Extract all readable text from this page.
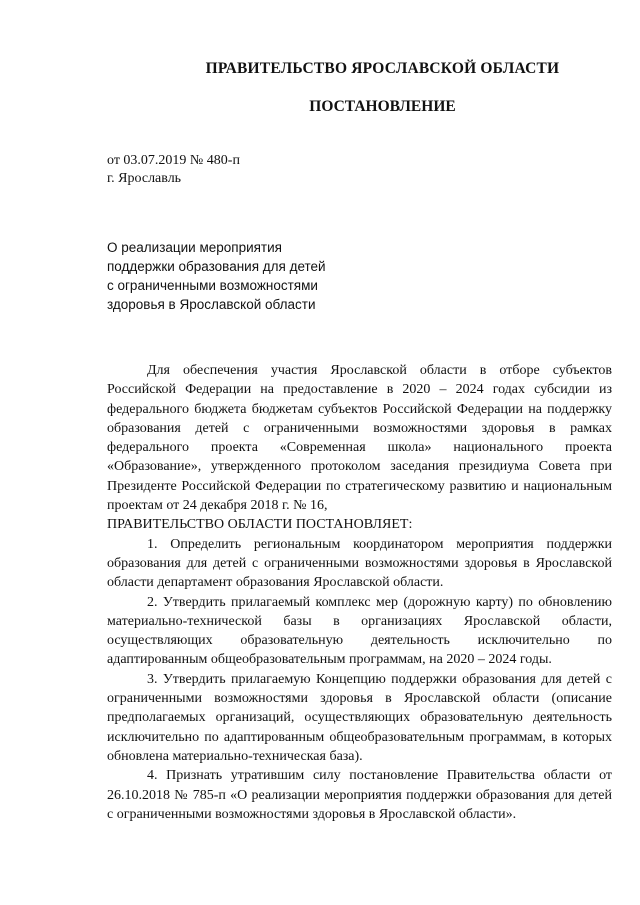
ПРАВИТЕЛЬСТВО ЯРОСЛАВСКОЙ ОБЛАСТИ
ПОСТАНОВЛЕНИЕ
от 03.07.2019 № 480-п
г. Ярославль
О реализации мероприятия
поддержки образования для детей
с ограниченными возможностями
здоровья в Ярославской области

Для обеспечения участия Ярославской области в отборе субъектов Российской Федерации на предоставление в 2020 – 2024 годах субсидии из федерального бюджета бюджетам субъектов Российской Федерации на поддержку образования детей с ограниченными возможностями здоровья в рамках федерального проекта «Современная школа» национального проекта «Образование», утвержденного протоколом заседания президиума Совета при Президенте Российской Федерации по стратегическому развитию и национальным проектам от 24 декабря 2018 г. № 16,

ПРАВИТЕЛЬСТВО ОБЛАСТИ ПОСТАНОВЛЯЕТ:

1. Определить региональным координатором мероприятия поддержки образования для детей с ограниченными возможностями здоровья в Ярославской области департамент образования Ярославской области.

2. Утвердить прилагаемый комплекс мер (дорожную карту) по обновлению материально-технической базы в организациях Ярославской области, осуществляющих образовательную деятельность исключительно по адаптированным общеобразовательным программам, на 2020 – 2024 годы.

3. Утвердить прилагаемую Концепцию поддержки образования для детей с ограниченными возможностями здоровья в Ярославской области (описание предполагаемых организаций, осуществляющих образовательную деятельность исключительно по адаптированным общеобразовательным программам, в которых обновлена материально-техническая база).

4. Признать утратившим силу постановление Правительства области от 26.10.2018 № 785-п «О реализации мероприятия поддержки образования для детей с ограниченными возможностями здоровья в Ярославской области».
